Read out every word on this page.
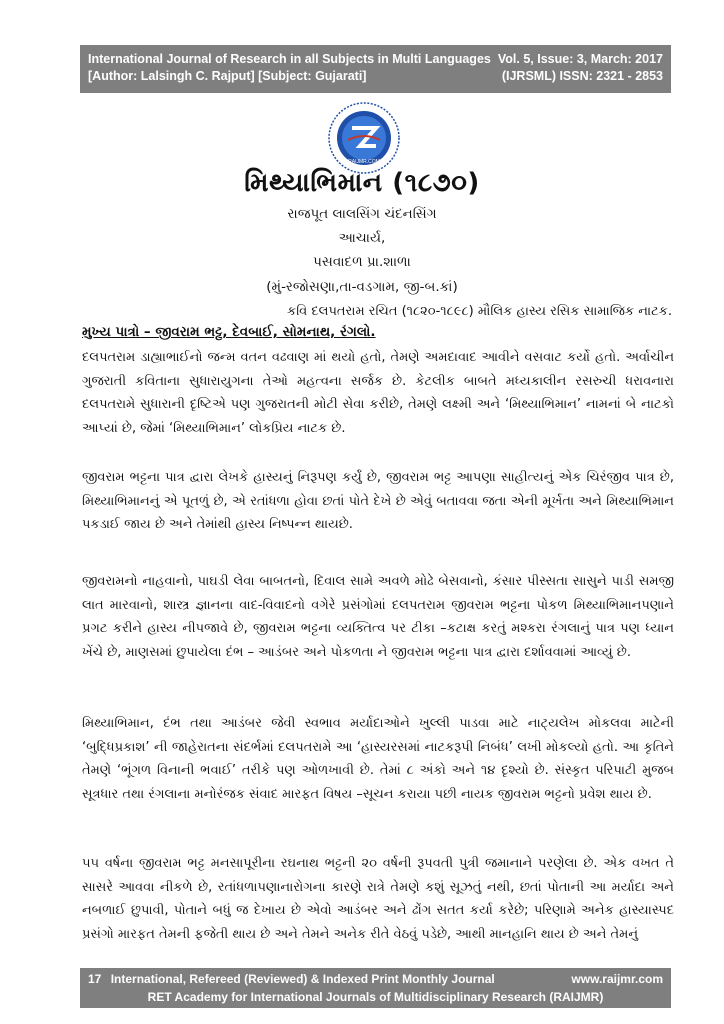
International Journal of Research in all Subjects in Multi Languages
[Author: Lalsingh C. Rajput] [Subject: Gujarati]
Vol. 5, Issue: 3, March: 2017
(IJRSML) ISSN: 2321 - 2853
RAIJMR.COM
મિથ્યાભિમાન (૧૮૭૦)
રાજપૂત લાલસિંગ ચંદનસિંગ
આચાર્ય,
પસવાદળ પ્રા.શાળા
(મું-રજોસણા,તા-વડગામ, જી-બ.કાં)
કવિ દલપતરામ રચિત (૧૮૨૦-૧૮૯૮) મૌલિક હાસ્ય રસિક સામાજિક નાટક.
મુખ્ય પાત્રો – જીવરામ ભટ્ટ, દેવબાઈ, સોમનાથ, રંગલો.

દલપતરામ ડાહ્યાભાઈનો જન્મ વતન વઢવાણ માં થયો હતો, તેમણે અમદાવાદ આવીને વસવાટ કર્યો હતો. અર્વાચીન ગુજરાતી કવિતાના સુધારાયુગના તેઓ મહત્વના સર્જક છે. કેટલીક બાબતે મધ્યકાલીન રસરુચી ધરાવનારા દલપતરામે સુધારાની દૃષ્ટિએ પણ ગુજરાતની મોટી સેવા કરીછે, તેમણે લક્ષ્મી અને ‘મિથ્યાભિમાન’ નામનાં બે નાટકો આપ્યાં છે, જેમાં ‘મિથ્યાભિમાન’ લોકપ્રિય નાટક છે.

જીવરામ ભટ્ટના પાત્ર દ્વારા લેખકે હાસ્યનું નિરૂપણ કર્યું છે, જીવરામ ભટ્ટ આપણા સાહીત્યનું એક ચિરંજીવ પાત્ર છે, મિથ્યાભિમાનનું એ પૂતળું છે, એ રતાંધળા હોવા છતાં પોતે દેખે છે એવું બતાવવા જતા એની મૂર્ખતા અને મિથ્યાભિમાન પકડાઈ જાય છે અને તેમાંથી હાસ્ય નિષ્પન્ન થાયછે.

જીવરામનો નાહવાનો, પાઘડી લેવા બાબતનો, દિવાલ સામે અવળે મોઢે બેસવાનો, કંસાર પીસ્સતા સાસુને પાડી સમજી લાત મારવાનો, શાસ્ત્ર જ્ઞાનના વાદ-વિવાદનો વગેરે પ્રસંગોમાં દલપતરામ જીવરામ ભટ્ટના પોકળ મિથ્યાભિમાનપણાને પ્રગટ કરીને હાસ્ય નીપજાવે છે, જીવરામ ભટ્ટના વ્યક્તિત્વ પર ટીકા –કટાક્ષ કરતું મશ્કરા રંગલાનું પાત્ર પણ ધ્યાન ખેંચે છે, માણસમાં છુપાયેલા દંભ – આડંબર અને પોકળતા ને જીવરામ ભટ્ટના પાત્ર દ્વારા દર્શાવવામાં આવ્યું છે.

મિથ્યાભિમાન, દંભ તથા આડંબર જેવી સ્વભાવ મર્યાદાઓને ખુલ્લી પાડવા માટે નાટ્યલેખ મોકલવા માટેની ‘બુદ્ધિપ્રકાશ’ ની જાહેરાતના સંદર્ભમાં દલપતરામે આ ‘હાસ્યરસમાં નાટકરૂપી નિબંધ’ લખી મોકલ્યો હતો. આ કૃતિને તેમણે ‘ભૂંગળ વિનાની ભવાઈ’ તરીકે પણ ઓળખાવી છે. તેમાં ૮ અંકો અને ૧૪ દૃશ્યો છે. સંસ્કૃત પરિપાટી મુજબ સૂત્રધાર તથા રંગલાના મનોરંજક સંવાદ મારફત વિષય –સૂચન કરાયા પછી નાયક જીવરામ ભટ્ટનો પ્રવેશ થાય છે.

૫૫ વર્ષના જીવરામ ભટ્ટ મનસાપૂરીના રઘનાથ ભટ્ટની ૨૦ વર્ષની રૂપવતી પુત્રી જમાનાને પરણેલા છે. એક વખત તે સાસરે આવવા નીકળે છે, રતાંધળાપણાનારોગના કારણે રાત્રે તેમણે કશું સૂઝતું નથી, છતાં પોતાની આ મર્યાદા અને નબળાઈ છુપાવી, પોતાને બધું જ દેખાય છે એવો આડંબર અને ઢોંગ સતત કર્યા કરેછે; પરિણામે અનેક હાસ્યાસ્પદ પ્રસંગો મારફત તેમની ફજેતી થાય છે અને તેમને અનેક રીતે વેઠવું પડેછે, આથી માનહાનિ થાય છે અને તેમનું

17 International, Refereed (Reviewed) & Indexed Print Monthly Journal	www.raijmr.com
RET Academy for International Journals of Multidisciplinary Research (RAIJMR)
